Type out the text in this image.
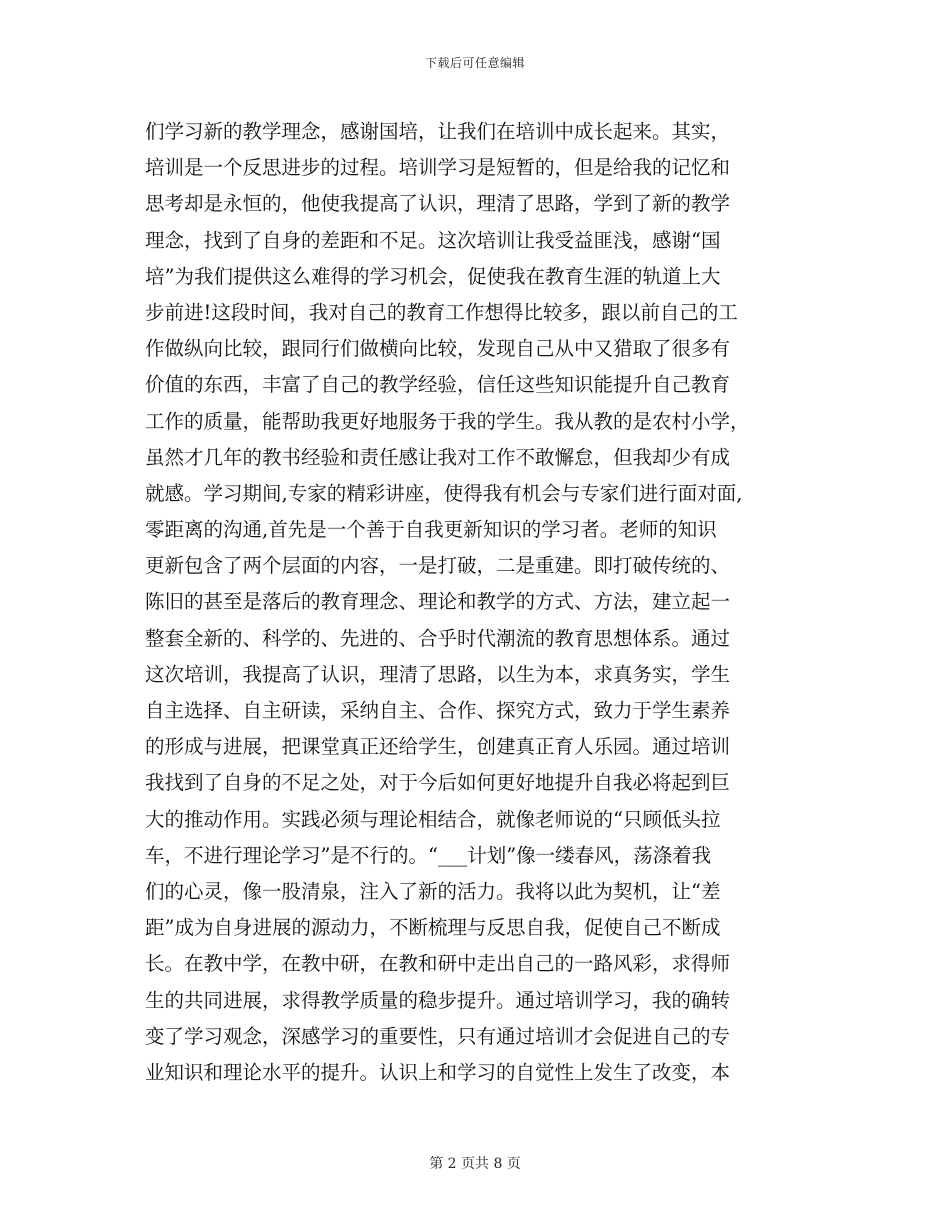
下载后可任意编辑
们学习新的教学理念，感谢国培，让我们在培训中成长起来。其实，
培训是一个反思进步的过程。培训学习是短暂的，但是给我的记忆和
思考却是永恒的，他使我提高了认识，理清了思路，学到了新的教学
理念，找到了自身的差距和不足。这次培训让我受益匪浅，感谢“国
培”为我们提供这么难得的学习机会，促使我在教育生涯的轨道上大
步前进!这段时间，我对自己的教育工作想得比较多，跟以前自己的工
作做纵向比较，跟同行们做横向比较，发现自己从中又猎取了很多有
价值的东西，丰富了自己的教学经验，信任这些知识能提升自己教育
工作的质量，能帮助我更好地服务于我的学生。我从教的是农村小学，
虽然才几年的教书经验和责任感让我对工作不敢懈怠，但我却少有成
就感。学习期间,专家的精彩讲座，使得我有机会与专家们进行面对面,
零距离的沟通,首先是一个善于自我更新知识的学习者。老师的知识
更新包含了两个层面的内容，一是打破，二是重建。即打破传统的、
陈旧的甚至是落后的教育理念、理论和教学的方式、方法，建立起一
整套全新的、科学的、先进的、合乎时代潮流的教育思想体系。通过
这次培训，我提高了认识，理清了思路，以生为本，求真务实，学生
自主选择、自主研读，采纳自主、合作、探究方式，致力于学生素养
的形成与进展，把课堂真正还给学生，创建真正育人乐园。通过培训
我找到了自身的不足之处，对于今后如何更好地提升自我必将起到巨
大的推动作用。实践必须与理论相结合，就像老师说的“只顾低头拉
车，不进行理论学习”是不行的。“___计划”像一缕春风，荡涤着我
们的心灵，像一股清泉，注入了新的活力。我将以此为契机，让“差
距”成为自身进展的源动力，不断梳理与反思自我，促使自己不断成
长。在教中学，在教中研，在教和研中走出自己的一路风彩，求得师
生的共同进展，求得教学质量的稳步提升。通过培训学习，我的确转
变了学习观念，深感学习的重要性，只有通过培训才会促进自己的专
业知识和理论水平的提升。认识上和学习的自觉性上发生了改变，本
第 2 页共 8 页
